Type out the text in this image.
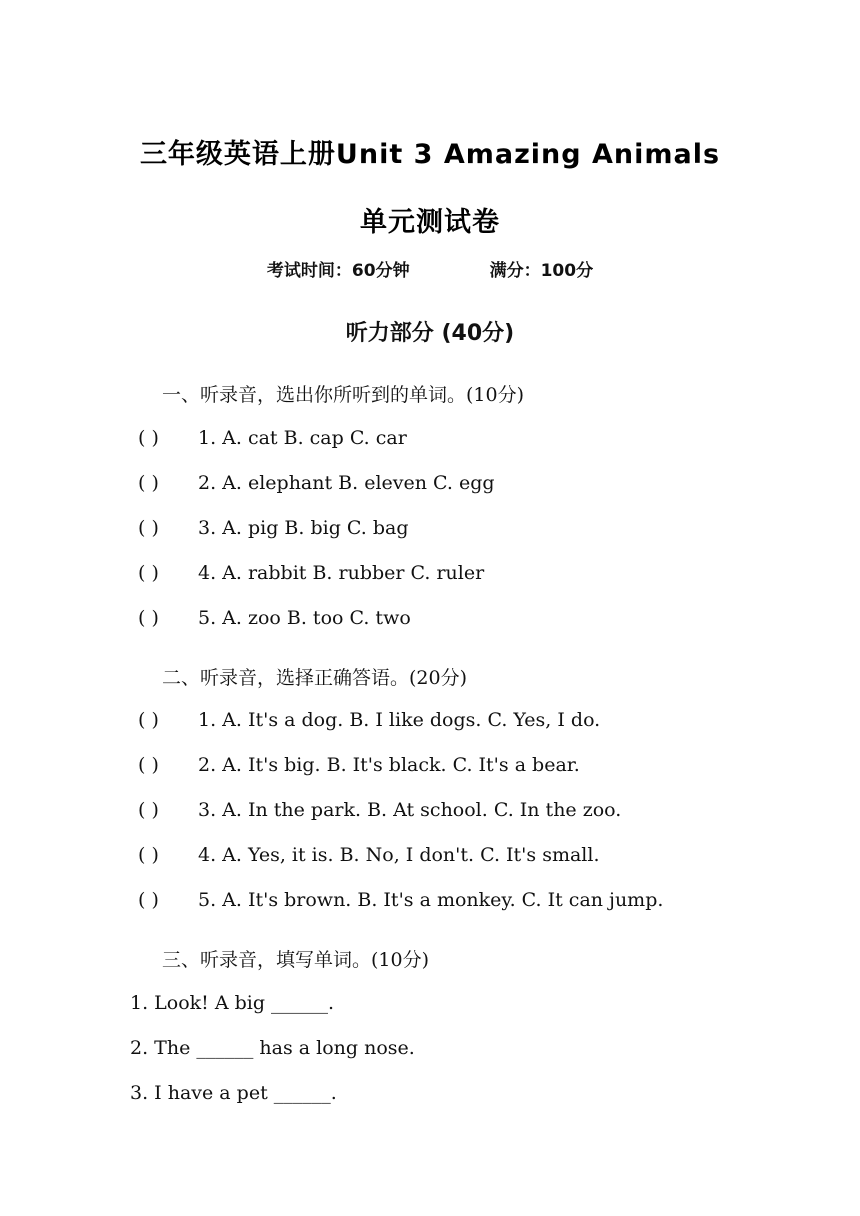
三年级英语上册Unit 3 Amazing Animals
单元测试卷
考试时间：60分钟	满分：100分
听力部分 (40分)
一、听录音，选出你所听到的单词。(10分)
( ) 1. A. cat B. cap C. car
( ) 2. A. elephant B. eleven C. egg
( ) 3. A. pig B. big C. bag
( ) 4. A. rabbit B. rubber C. ruler
( ) 5. A. zoo B. too C. two
二、听录音，选择正确答语。(20分)
( ) 1. A. It's a dog. B. I like dogs. C. Yes, I do.
( ) 2. A. It's big. B. It's black. C. It's a bear.
( ) 3. A. In the park. B. At school. C. In the zoo.
( ) 4. A. Yes, it is. B. No, I don't. C. It's small.
( ) 5. A. It's brown. B. It's a monkey. C. It can jump.
三、听录音，填写单词。(10分)
1. Look! A big ______.
2. The ______ has a long nose.
3. I have a pet ______.
